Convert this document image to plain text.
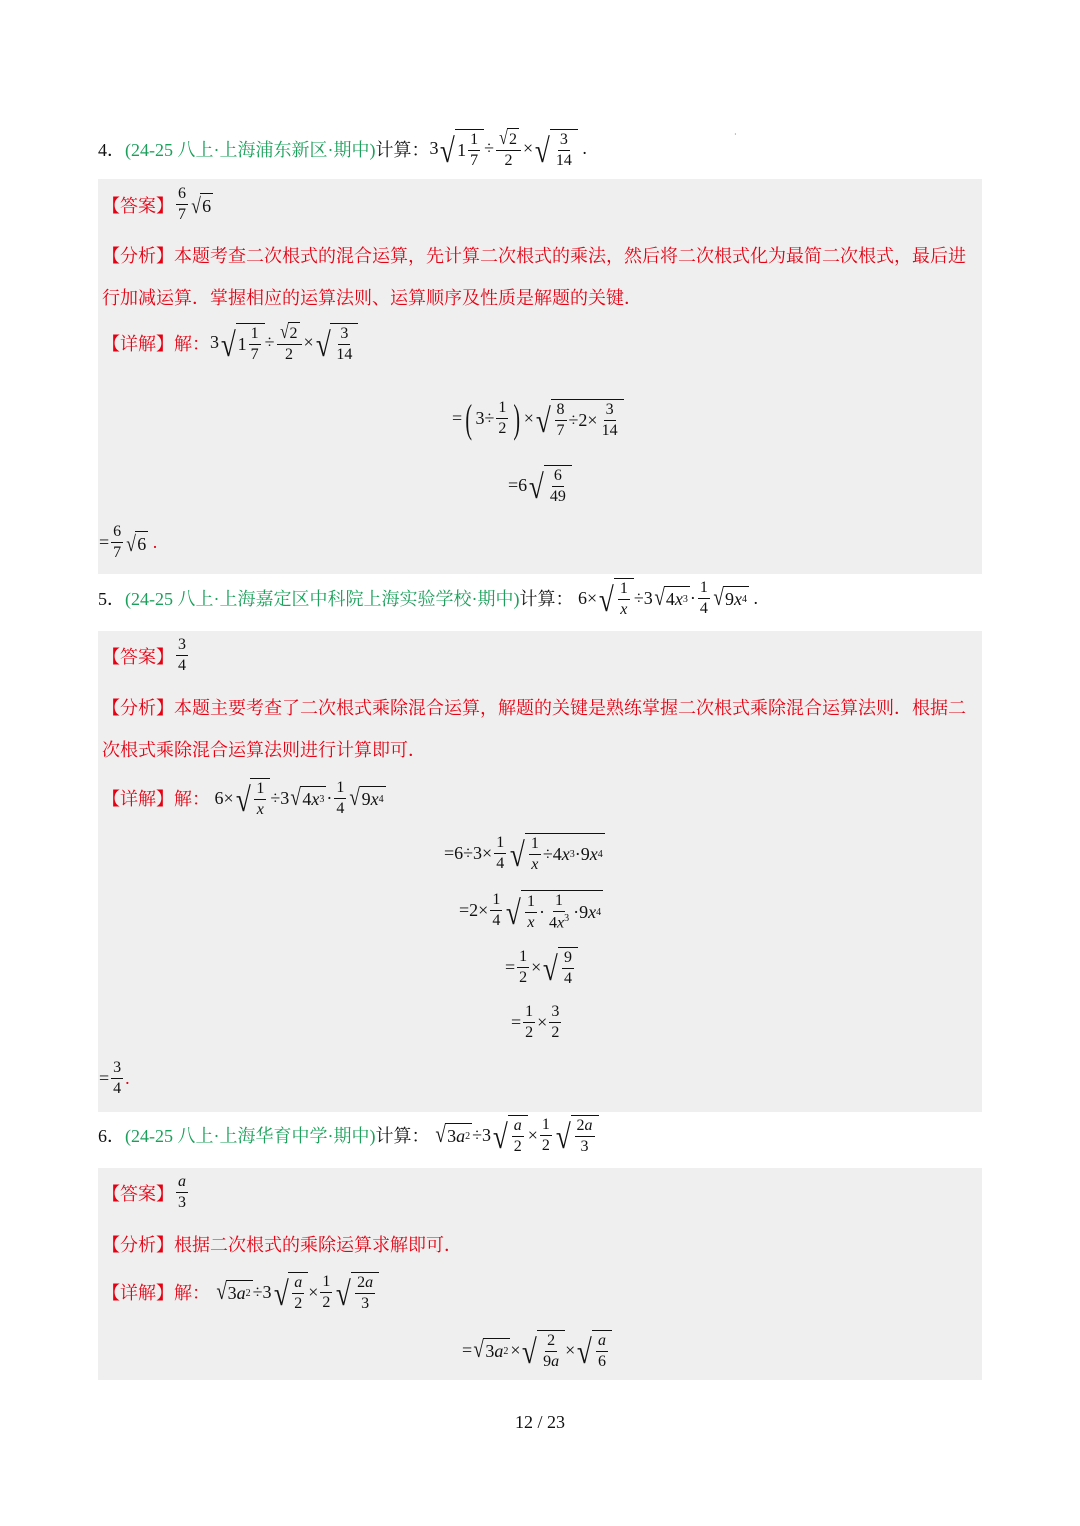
4． (24-25 八上·上海浦东新区·期中) 计算： 3 √ $1 \frac{1}{7} \div \frac{√ 2}{2}$ × √ $\frac{3}{14}$ .
·
【答案】 $\frac{6}{7}$ √ 6
【分析】本题考查二次根式的混合运算，先计算二次根式的乘法，然后将二次根式化为最简二次根式，最后进行加减运算．掌握相应的运算法则、运算顺序及性质是解题的关键．
【详解】 解： 3 √ $1 \frac{1}{7} \div \frac{√ 2}{2}$ × √ $\frac{3}{14}$
= ( $3\div \frac{1}{2}$ ) × √ $\frac{8}{7} \div 2\times \frac{3}{14}$
=6 √ $\frac{6}{49}$
= $\frac{6}{7}$ √ 6
.
5． (24-25 八上·上海嘉定区中科院上海实验学校·期中) 计算： 6× √ $\frac{1}{x} \div 3$ √ 4 x $3 \cdot \frac{1}{4}$ √ 9 x 4 .
【答案】 $\frac{3}{4}$
【分析】本题主要考查了二次根式乘除混合运算，解题的关键是熟练掌握二次根式乘除混合运算法则．根据二次根式乘除混合运算法则进行计算即可．
【详解】 解： 6× √ $\frac{1}{x} \div 3$ √ 4 x $3 \cdot \frac{1}{4}$ √ 9 x 4
$=6\div 3\times \frac{1}{4}$ √ $\frac{1}{x} \div 4$ x 3 ·9 x 4
$=2\times \frac{1}{4}$ √ $\frac{1}{x} \cdot \frac{1}{4x^3} \cdot 9$ x 4
= $\frac{1}{2}$ × √ $\frac{9}{4}$
= $\frac{1}{2} \times \frac{3}{2}$
= $\frac{3}{4}$ .
6． (24-25 八上·上海华育中学·期中) 计算：
√ 3 a 2 ÷3 √ $\frac{a}{2} \times \frac{1}{2}$ √ $\frac{2a}{3}$
【答案】 $\frac{a}{3}$
【分析】根据二次根式的乘除运算求解即可．
【详解】 解：
√ 3 a 2 ÷3 √ $\frac{a}{2} \times \frac{1}{2}$ √ $\frac{2a}{3}$
= √ 3 a 2 × √ $\frac{2}{9a}$ × √ $\frac{a}{6}$
12 / 23
